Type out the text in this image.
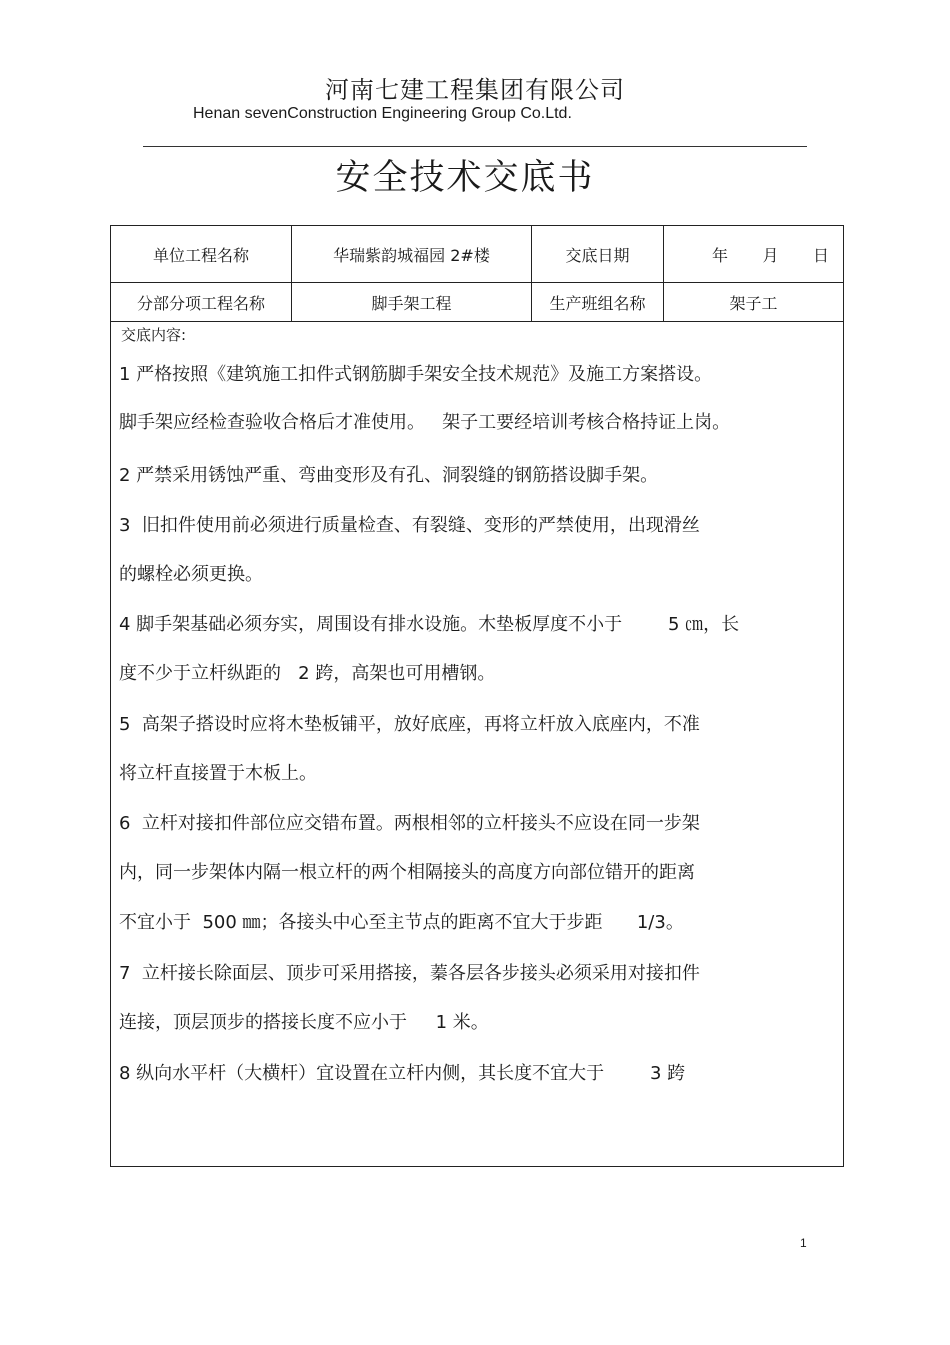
河南七建工程集团有限公司
Henan sevenConstruction Engineering Group Co.Ltd.
安全技术交底书
单位工程名称	华瑞紫韵城福园 2#楼	交底日期	年 月 日
分部分项工程名称	脚手架工程	生产班组名称	架子工
交底内容:
1 严格按照《建筑施工扣件式钢筋脚手架安全技术规范》及施工方案搭设。
脚手架应经检查验收合格后才准使用。   架子工要经培训考核合格持证上岗。
2 严禁采用锈蚀严重、弯曲变形及有孔、洞裂缝的钢筋搭设脚手架。
3  旧扣件使用前必须进行质量检查、有裂缝、变形的严禁使用，出现滑丝
的螺栓必须更换。
4 脚手架基础必须夯实，周围设有排水设施。木垫板厚度不小于        5 ㎝，长
度不少于立杆纵距的   2 跨，高架也可用槽钢。
5  高架子搭设时应将木垫板铺平，放好底座，再将立杆放入底座内，不准
将立杆直接置于木板上。
6  立杆对接扣件部位应交错布置。两根相邻的立杆接头不应设在同一步架
内，同一步架体内隔一根立杆的两个相隔接头的高度方向部位错开的距离
不宜小于  500 ㎜；各接头中心至主节点的距离不宜大于步距      1/3。
7  立杆接长除面层、顶步可采用搭接，蓁各层各步接头必须采用对接扣件
连接，顶层顶步的搭接长度不应小于     1 米。
8 纵向水平杆（大横杆）宜设置在立杆内侧，其长度不宜大于        3 跨
1
